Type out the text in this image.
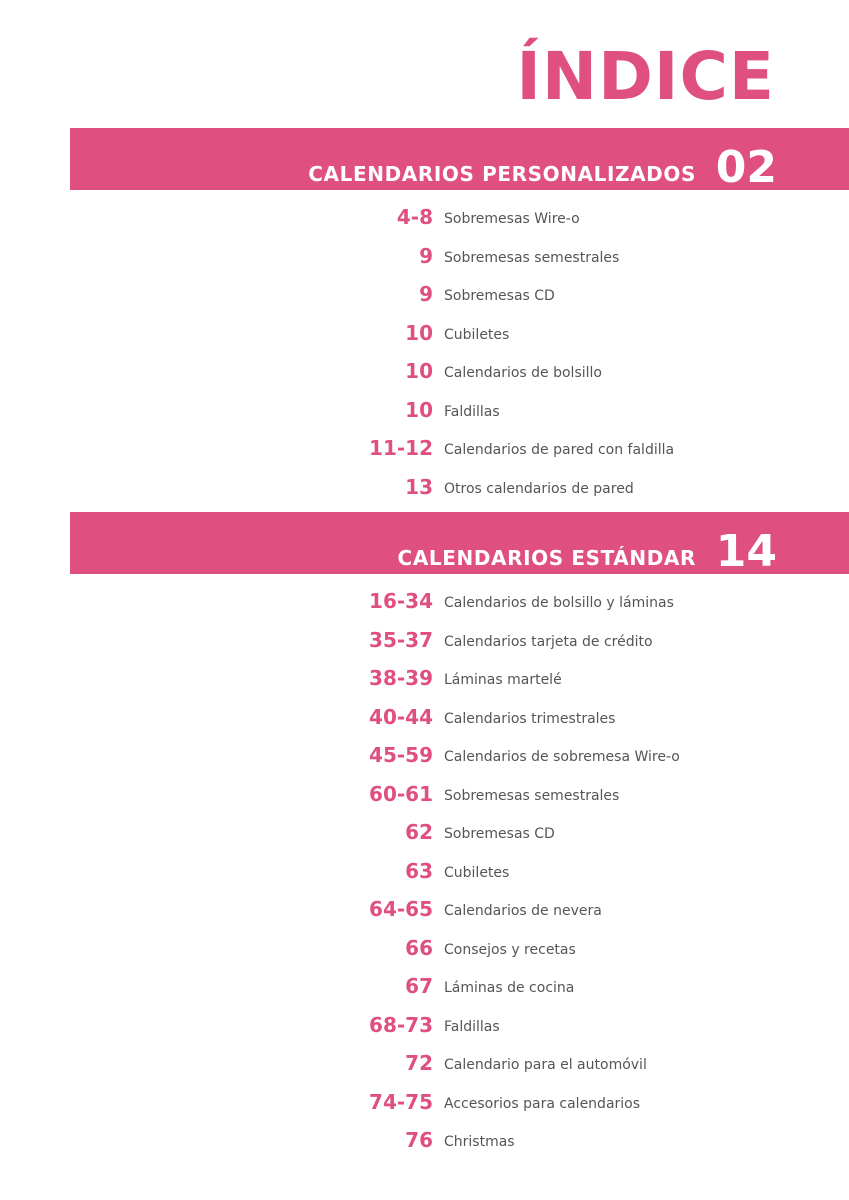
ÍNDICE
CALENDARIOS PERSONALIZADOS 02
4-8 Sobremesas Wire-o
9 Sobremesas semestrales
9 Sobremesas CD
10 Cubiletes
10 Calendarios de bolsillo
10 Faldillas
11-12 Calendarios de pared con faldilla
13 Otros calendarios de pared
CALENDARIOS ESTÁNDAR 14
16-34 Calendarios de bolsillo y láminas
35-37 Calendarios tarjeta de crédito
38-39 Láminas martelé
40-44 Calendarios trimestrales
45-59 Calendarios de sobremesa Wire-o
60-61 Sobremesas semestrales
62 Sobremesas CD
63 Cubiletes
64-65 Calendarios de nevera
66 Consejos y recetas
67 Láminas de cocina
68-73 Faldillas
72 Calendario para el automóvil
74-75 Accesorios para calendarios
76 Christmas
